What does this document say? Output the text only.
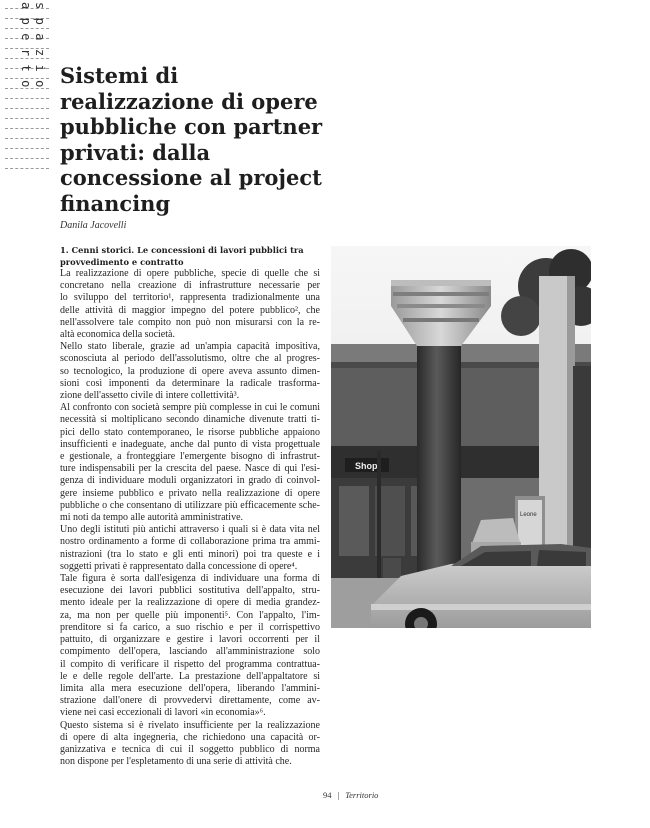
spazio aperto	Sistemi di realizzazione di opere pubbliche con partner privati: dalla concessione al project financing
Danila Jacovelli
1. Cenni storici. Le concessioni di lavori pubblici tra provvedimento e contratto

La realizzazione di opere pubbliche, specie di quelle che si

concretano nella creazione di infrastrutture necessarie per

lo sviluppo del territorio¹, rappresenta tradizionalmente una

delle attività di maggior impegno del potere pubblico², che

nell'assolvere tale compito non può non misurarsi con la re-

altà economica della società.

Nello stato liberale, grazie ad un'ampia capacità impositiva,

sconosciuta al periodo dell'assolutismo, oltre che al progres-

so tecnologico, la produzione di opere aveva assunto dimen-

sioni così imponenti da determinare la radicale trasforma-

zione dell'assetto civile di intere collettività³.

Al confronto con società sempre più complesse in cui le comuni

necessità si moltiplicano secondo dinamiche divenute tratti ti-

pici dello stato contemporaneo, le risorse pubbliche appaiono

insufficienti e inadeguate, anche dal punto di vista progettuale

e gestionale, a fronteggiare l'emergente bisogno di infrastrut-

ture indispensabili per la crescita del paese. Nasce di qui l'esi-

genza di individuare moduli organizzatori in grado di coinvol-

gere insieme pubblico e privato nella realizzazione di opere

pubbliche o che consentano di utilizzare più efficacemente sche-

mi noti da tempo alle autorità amministrative.

Uno degli istituti più antichi attraverso i quali si è data vita nel

nostro ordinamento a forme di collaborazione prima tra ammi-

nistrazioni (tra lo stato e gli enti minori) poi tra queste e i

soggetti privati è rappresentato dalla concessione di opere⁴.

Tale figura è sorta dall'esigenza di individuare una forma di

esecuzione dei lavori pubblici sostitutiva dell'appalto, stru-

mento ideale per la realizzazione di opere di media grandez-

za, ma non per quelle più imponenti⁵. Con l'appalto, l'im-

prenditore si fa carico, a suo rischio e per il corrispettivo

pattuito, di organizzare e gestire i lavori occorrenti per il

compimento dell'opera, lasciando all'amministrazione solo

il compito di verificare il rispetto del programma contrattua-

le e delle regole dell'arte. La prestazione dell'appaltatore si

limita alla mera esecuzione dell'opera, liberando l'ammini-

strazione dall'onere di provvedervi direttamente, come av-

viene nei casi eccezionali di lavori «in economia»⁶.

Questo sistema si è rivelato insufficiente per la realizzazione

di opere di alta ingegneria, che richiedono una capacità or-

ganizzativa e tecnica di cui il soggetto pubblico di norma

non dispone per l'espletamento di una serie di attività che.

Shop
Leone
94 | Territorio
